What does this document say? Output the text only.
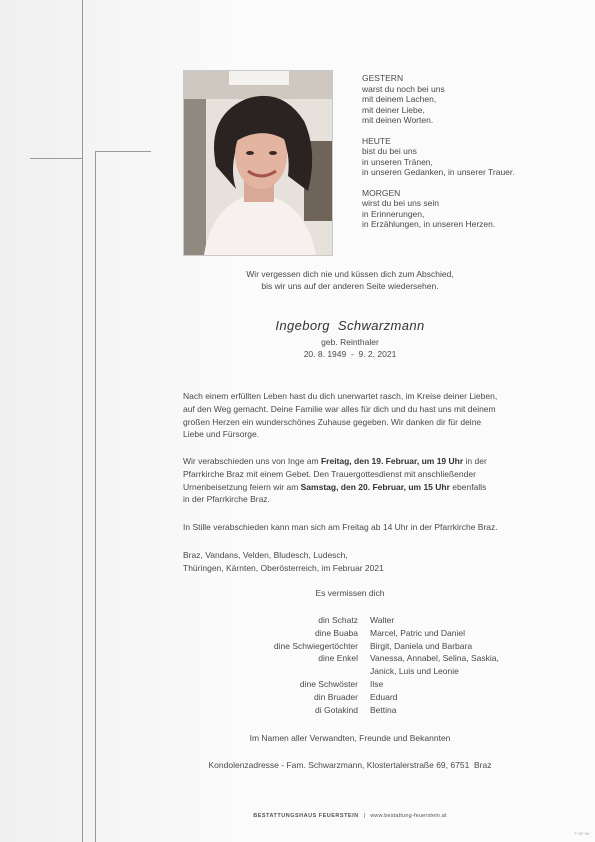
GESTERN
warst du noch bei uns
mit deinem Lachen,
mit deiner Liebe,
mit deinen Worten.
HEUTE
bist du bei uns
in unseren Tränen,
in unseren Gedanken, in unserer Trauer.
MORGEN
wirst du bei uns sein
in Erinnerungen,
in Erzählungen, in unseren Herzen.
Wir vergessen dich nie und küssen dich zum Abschied,
bis wir uns auf der anderen Seite wiedersehen.
Ingeborg  Schwarzmann
geb. Reinthaler
20. 8. 1949  -  9. 2. 2021
Nach einem erfüllten Leben hast du dich unerwartet rasch, im Kreise deiner Lieben,
auf den Weg gemacht. Deine Familie war alles für dich und du hast uns mit deinem
großen Herzen ein wunderschönes Zuhause gegeben. Wir danken dir für deine
Liebe und Fürsorge.
Wir verabschieden uns von Inge am Freitag, den 19. Februar, um 19 Uhr in der
Pfarrkirche Braz mit einem Gebet. Den Trauergottesdienst mit anschließender
Urnenbeisetzung feiern wir am Samstag, den 20. Februar, um 15 Uhr ebenfalls
in der Pfarrkirche Braz.
In Stille verabschieden kann man sich am Freitag ab 14 Uhr in der Pfarrkirche Braz.
Braz, Vandans, Velden, Bludesch, Ludesch,
Thüringen, Kärnten, Oberösterreich, im Februar 2021
Es vermissen dich
din Schatz	Walter
dine Buaba	Marcel, Patric und Daniel
dine Schwiegertöchter	Birgit, Daniela und Barbara
dine Enkel	Vanessa, Annabel, Selina, Saskia,
Janick, Luis und Leonie
dine Schwöster	Ilse
din Bruader	Eduard
di Gotakind	Bettina
Im Namen aller Verwandten, Freunde und Bekannten
Kondolenzadresse - Fam. Schwarzmann, Klostertalerstraße 69, 6751  Braz
BESTATTUNGSHAUS FEUERSTEIN | www.bestattung-feuerstein.at
© SF 98
